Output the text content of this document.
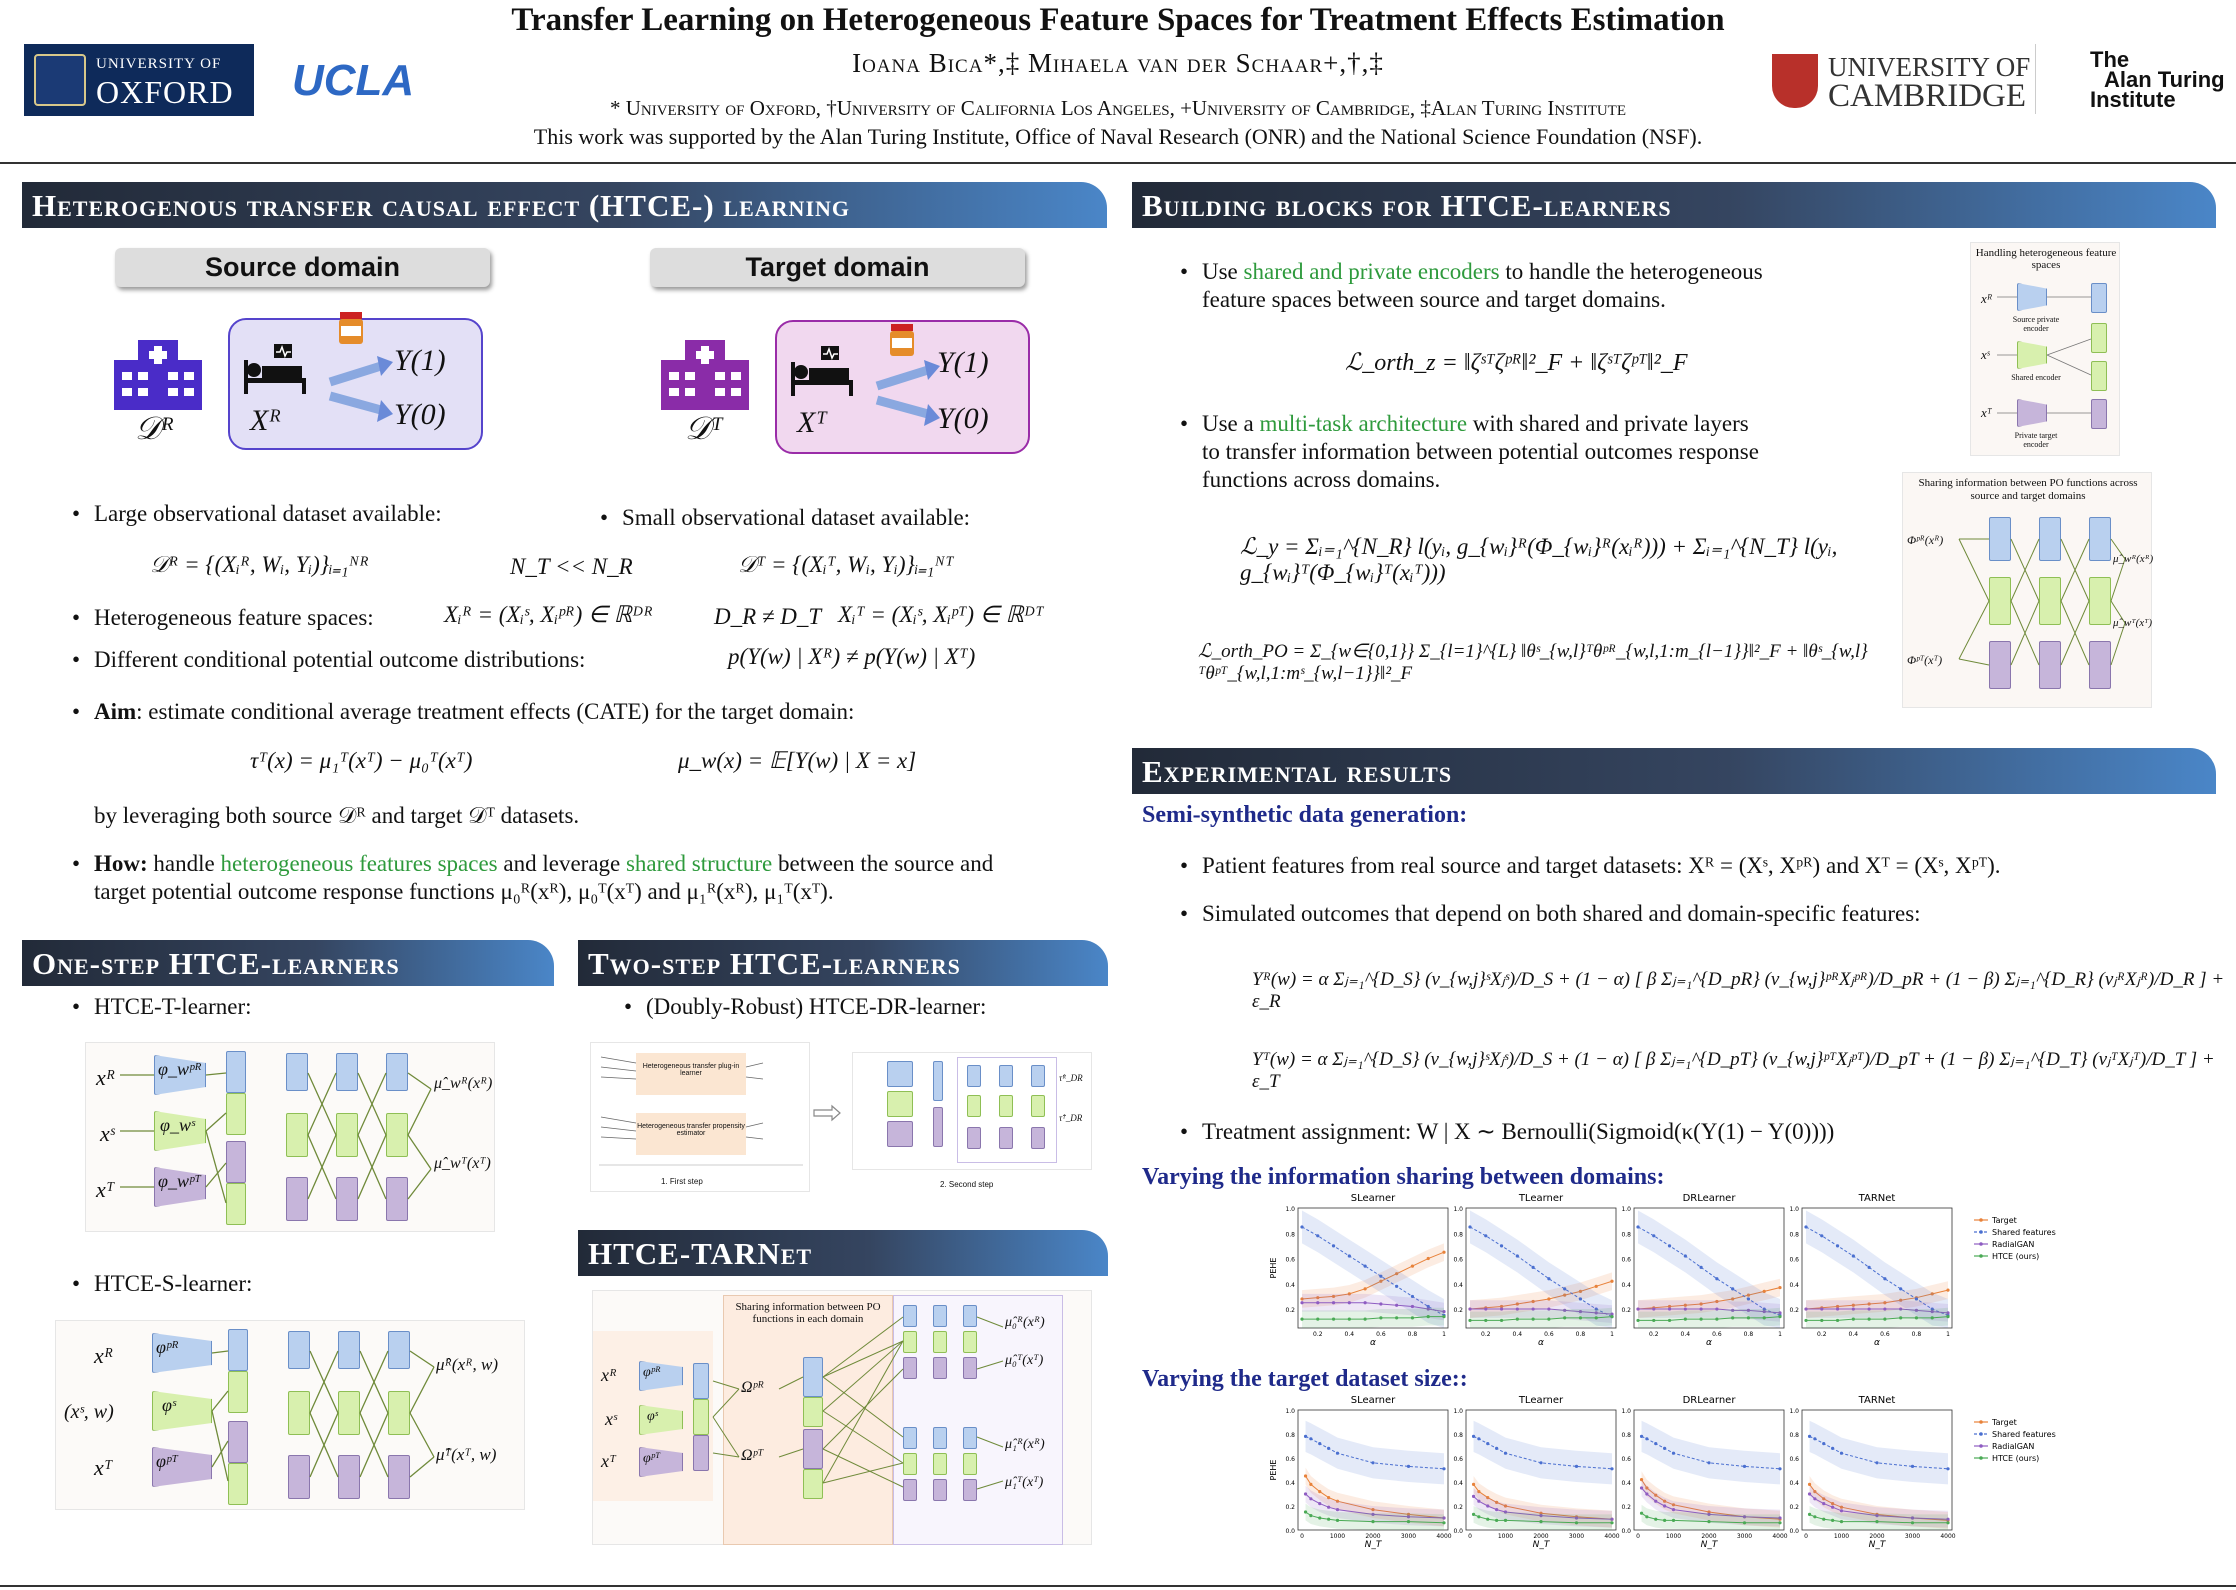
Transfer Learning on Heterogeneous Feature Spaces for Treatment Effects Estimation
Ioana Bica*,‡ Mihaela van der Schaar+,†,‡
* University of Oxford, †University of California Los Angeles, +University of Cambridge, ‡Alan Turing Institute
This work was supported by the Alan Turing Institute, Office of Naval Research (ONR) and the National Science Foundation (NSF).
UNIVERSITY OF
OXFORD UCLA	UNIVERSITY OF
CAMBRIDGE
The
Alan Turing
Institute
Heterogenous transfer causal effect (HTCE-) learning
Source domain	Target domain
𝒟ᴿ	Xᴿ
Y(1)
Y(0)	𝒟ᵀ Xᵀ
Y(1)
Y(0)
• Large observational dataset available:
•	Small observational dataset available:
𝒟ᴿ = {(Xᵢᴿ, Wᵢ, Yᵢ)}ᵢ₌₁ᴺᴿ	N_T << N_R	𝒟ᵀ = {(Xᵢᵀ, Wᵢ, Yᵢ)}ᵢ₌₁ᴺᵀ
• Heterogeneous feature spaces:	Xᵢᴿ = (Xᵢˢ, Xᵢᵖᴿ) ∈ ℝᴰᴿ	D_R ≠ D_T Xᵢᵀ = (Xᵢˢ, Xᵢᵖᵀ) ∈ ℝᴰᵀ
• Different conditional potential outcome distributions:	p(Y(w) | Xᴿ) ≠ p(Y(w) | Xᵀ)
• Aim: estimate conditional average treatment effects (CATE) for the target domain:
τᵀ(x) = μ₁ᵀ(xᵀ) − μ₀ᵀ(xᵀ)	μ_w(x) = 𝔼[Y(w) | X = x]
by leveraging both source 𝒟ᴿ and target 𝒟ᵀ datasets.
• How: handle heterogeneous features spaces and leverage shared structure between the source and
target potential outcome response functions μ₀ᴿ(xᴿ), μ₀ᵀ(xᵀ) and μ₁ᴿ(xᴿ), μ₁ᵀ(xᵀ).
One-step HTCE-learners
• HTCE-T-learner:
xᴿ
xˢ
xᵀ
φ_wᵖᴿ
φ_wˢ
φ_wᵖᵀ
μ̂_wᴿ(xᴿ)
μ̂_wᵀ(xᵀ)
• HTCE-S-learner:
xᴿ
(xˢ, w)
xᵀ
φᵖᴿ
φˢ
φᵖᵀ
μ̂ᴿ(xᴿ, w)
μ̂ᵀ(xᵀ, w)
Two-step HTCE-learners
• (Doubly-Robust) HTCE-DR-learner:
Heterogeneous transfer plug-in learner
Heterogeneous transfer propensity estimator
1. First step
τ̂ᴿ_DR
τ̂ᵀ_DR
2. Second step
HTCE-TARNet
Sharing information between PO functions in each domain
xᴿ
xˢ
xᵀ
φᵖᴿ
φˢ
φᵖᵀ
Ωᵖᴿ
Ωᵖᵀ
μ̂₀ᴿ(xᴿ)
μ̂₀ᵀ(xᵀ)
μ̂₁ᴿ(xᴿ)
μ̂₁ᵀ(xᵀ)
Building blocks for HTCE-learners
• Use shared and private encoders to handle the heterogeneous
feature spaces between source and target domains.
ℒ_orth_z = ‖ζˢᵀζᵖᴿ‖²_F + ‖ζˢᵀζᵖᵀ‖²_F
• Use a multi-task architecture with shared and private layers
to transfer information between potential outcomes response
functions across domains.
ℒ_y = Σᵢ₌₁^{N_R} l(yᵢ, g_{wᵢ}ᴿ(Φ_{wᵢ}ᴿ(xᵢᴿ))) + Σᵢ₌₁^{N_T} l(yᵢ, g_{wᵢ}ᵀ(Φ_{wᵢ}ᵀ(xᵢᵀ)))
ℒ_orth_PO = Σ_{w∈{0,1}} Σ_{l=1}^{L} ‖θˢ_{w,l}ᵀθᵖᴿ_{w,l,1:m_{l−1}}‖²_F + ‖θˢ_{w,l}ᵀθᵖᵀ_{w,l,1:mˢ_{w,l−1}}‖²_F
Handling heterogeneous feature spaces
xᴿ
xˢ
xᵀ
Source private encoder
Shared encoder
Private target encoder
Sharing information between PO functions across source and target domains
Φᵖᴿ(xᴿ)
Φᵖᵀ(xᵀ)
μ̂_wᴿ(xᴿ)
μ̂_wᵀ(xᵀ)
Experimental results
Semi-synthetic data generation:
• Patient features from real source and target datasets: Xᴿ = (Xˢ, Xᵖᴿ) and Xᵀ = (Xˢ, Xᵖᵀ).
• Simulated outcomes that depend on both shared and domain-specific features:
Yᴿ(w) = α Σⱼ₌₁^{D_S} (v_{w,j}ˢXⱼˢ)/D_S + (1 − α) [ β Σⱼ₌₁^{D_pR} (v_{w,j}ᵖᴿXⱼᵖᴿ)/D_pR + (1 − β) Σⱼ₌₁^{D_R} (vⱼᴿXⱼᴿ)/D_R ] + ε_R
Yᵀ(w) = α Σⱼ₌₁^{D_S} (v_{w,j}ˢXⱼˢ)/D_S + (1 − α) [ β Σⱼ₌₁^{D_pT} (v_{w,j}ᵖᵀXⱼᵖᵀ)/D_pT + (1 − β) Σⱼ₌₁^{D_T} (vⱼᵀXⱼᵀ)/D_T ] + ε_T
• Treatment assignment: W | X ∼ Bernoulli(Sigmoid(κ(Y(1) − Y(0))))
Varying the information sharing between domains:
Varying the target dataset size::
SLearner
0.2
0.4
0.6
0.8
1.0
0.2	0.4	0.6	0.8	1
α
TLearner
0.2
0.4
0.6
0.8
1.0
0.2	0.4	0.6	0.8	1
α
DRLearner
0.2
0.4
0.6
0.8
1.0
0.2	0.4	0.6	0.8	1
α
TARNet
0.2
0.4
0.6
0.8
1.0
0.2	0.4	0.6	0.8	1
α
PEHE
Target
Shared features
RadialGAN
HTCE (ours)
SLearner
0.0
0.2
0.4
0.6
0.8
1.0
0	1000	2000	3000	4000
N_T
TLearner
0.0
0.2
0.4
0.6
0.8
1.0
0	1000	2000	3000	4000
N_T
DRLearner
0.0
0.2
0.4
0.6
0.8
1.0
0	1000	2000	3000	4000
N_T
TARNet
0.0
0.2
0.4
0.6
0.8
1.0
0	1000	2000	3000	4000
N_T
PEHE
Target
Shared features
RadialGAN
HTCE (ours)
